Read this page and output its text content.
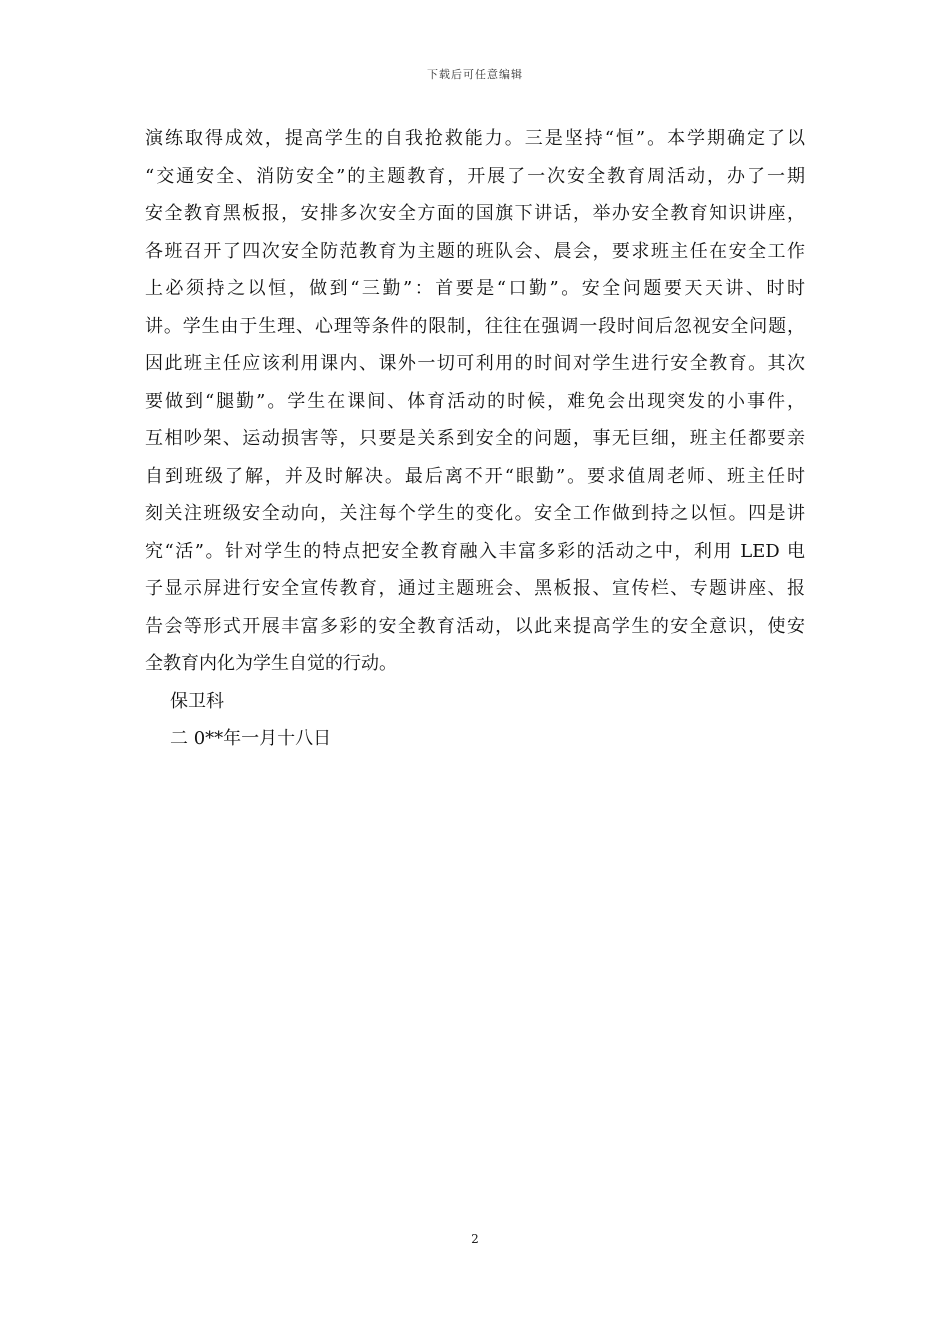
下载后可任意编辑
演练取得成效，提高学生的自我抢救能力。三是坚持“恒”。本学期确定了以
“交通安全、消防安全”的主题教育，开展了一次安全教育周活动，办了一期
安全教育黑板报，安排多次安全方面的国旗下讲话，举办安全教育知识讲座，
各班召开了四次安全防范教育为主题的班队会、晨会，要求班主任在安全工作
上必须持之以恒，做到“三勤”：首要是“口勤”。安全问题要天天讲、时时
讲。学生由于生理、心理等条件的限制，往往在强调一段时间后忽视安全问题，
因此班主任应该利用课内、课外一切可利用的时间对学生进行安全教育。其次
要做到“腿勤”。学生在课间、体育活动的时候，难免会出现突发的小事件，
互相吵架、运动损害等，只要是关系到安全的问题，事无巨细，班主任都要亲
自到班级了解，并及时解决。最后离不开“眼勤”。要求值周老师、班主任时
刻关注班级安全动向，关注每个学生的变化。安全工作做到持之以恒。四是讲
究“活”。针对学生的特点把安全教育融入丰富多彩的活动之中，利用 LED 电
子显示屏进行安全宣传教育，通过主题班会、黑板报、宣传栏、专题讲座、报
告会等形式开展丰富多彩的安全教育活动，以此来提高学生的安全意识，使安
全教育内化为学生自觉的行动。
保卫科
二 0**年一月十八日
2
